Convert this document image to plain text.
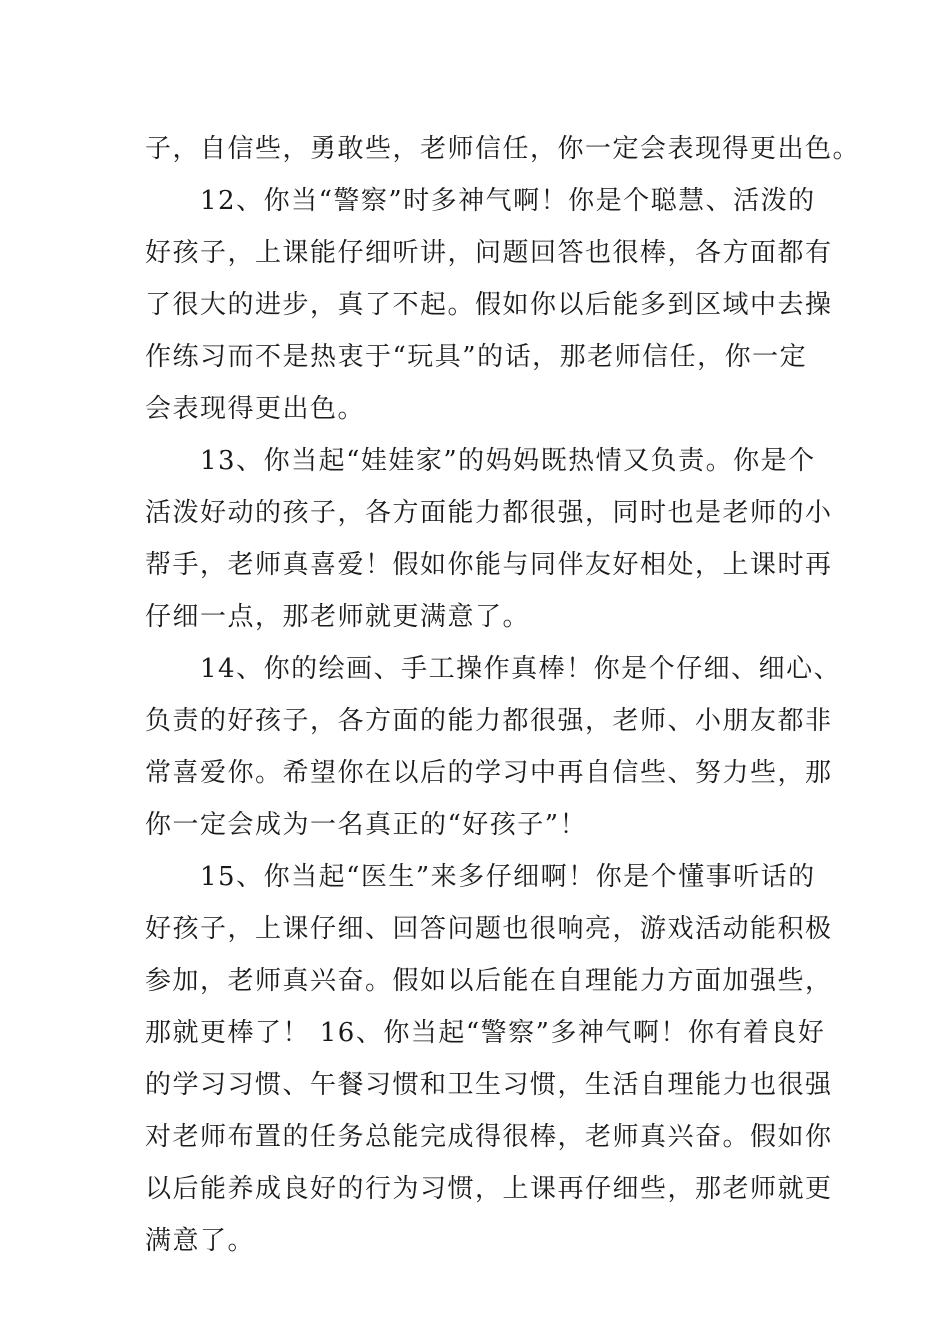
子，自信些，勇敢些，老师信任，你一定会表现得更出色。
12、你当“警察”时多神气啊！你是个聪慧、活泼的
好孩子，上课能仔细听讲，问题回答也很棒，各方面都有
了很大的进步，真了不起。假如你以后能多到区域中去操
作练习而不是热衷于“玩具”的话，那老师信任，你一定
会表现得更出色。
13、你当起“娃娃家”的妈妈既热情又负责。你是个
活泼好动的孩子，各方面能力都很强，同时也是老师的小
帮手，老师真喜爱！假如你能与同伴友好相处，上课时再
仔细一点，那老师就更满意了。
14、你的绘画、手工操作真棒！你是个仔细、细心、
负责的好孩子，各方面的能力都很强，老师、小朋友都非
常喜爱你。希望你在以后的学习中再自信些、努力些，那
你一定会成为一名真正的“好孩子”！
15、你当起“医生”来多仔细啊！你是个懂事听话的
好孩子，上课仔细、回答问题也很响亮，游戏活动能积极
参加，老师真兴奋。假如以后能在自理能力方面加强些，
那就更棒了！ 16、你当起“警察”多神气啊！你有着良好
的学习习惯、午餐习惯和卫生习惯，生活自理能力也很强
对老师布置的任务总能完成得很棒，老师真兴奋。假如你
以后能养成良好的行为习惯，上课再仔细些，那老师就更
满意了。
